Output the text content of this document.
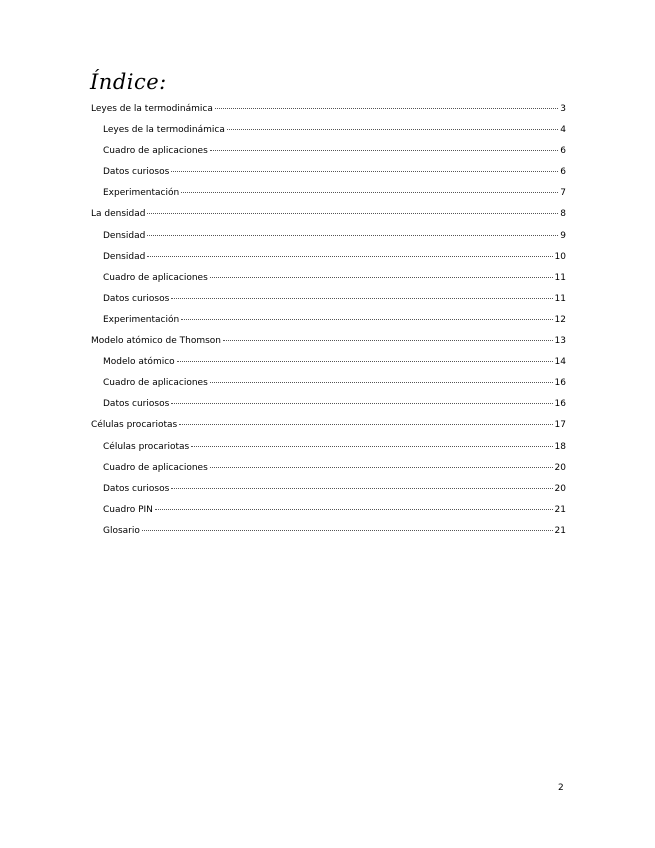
Índice:
Leyes de la termodinámica	3
Leyes de la termodinámica	4
Cuadro de aplicaciones	6
Datos curiosos	6
Experimentación	7
La densidad	8
Densidad	9
Densidad	10
Cuadro de aplicaciones	11
Datos curiosos	11
Experimentación	12
Modelo atómico de Thomson	13
Modelo atómico	14
Cuadro de aplicaciones	16
Datos curiosos	16
Células procariotas	17
Células procariotas	18
Cuadro de aplicaciones	20
Datos curiosos	20
Cuadro PIN	21
Glosario	21
2
